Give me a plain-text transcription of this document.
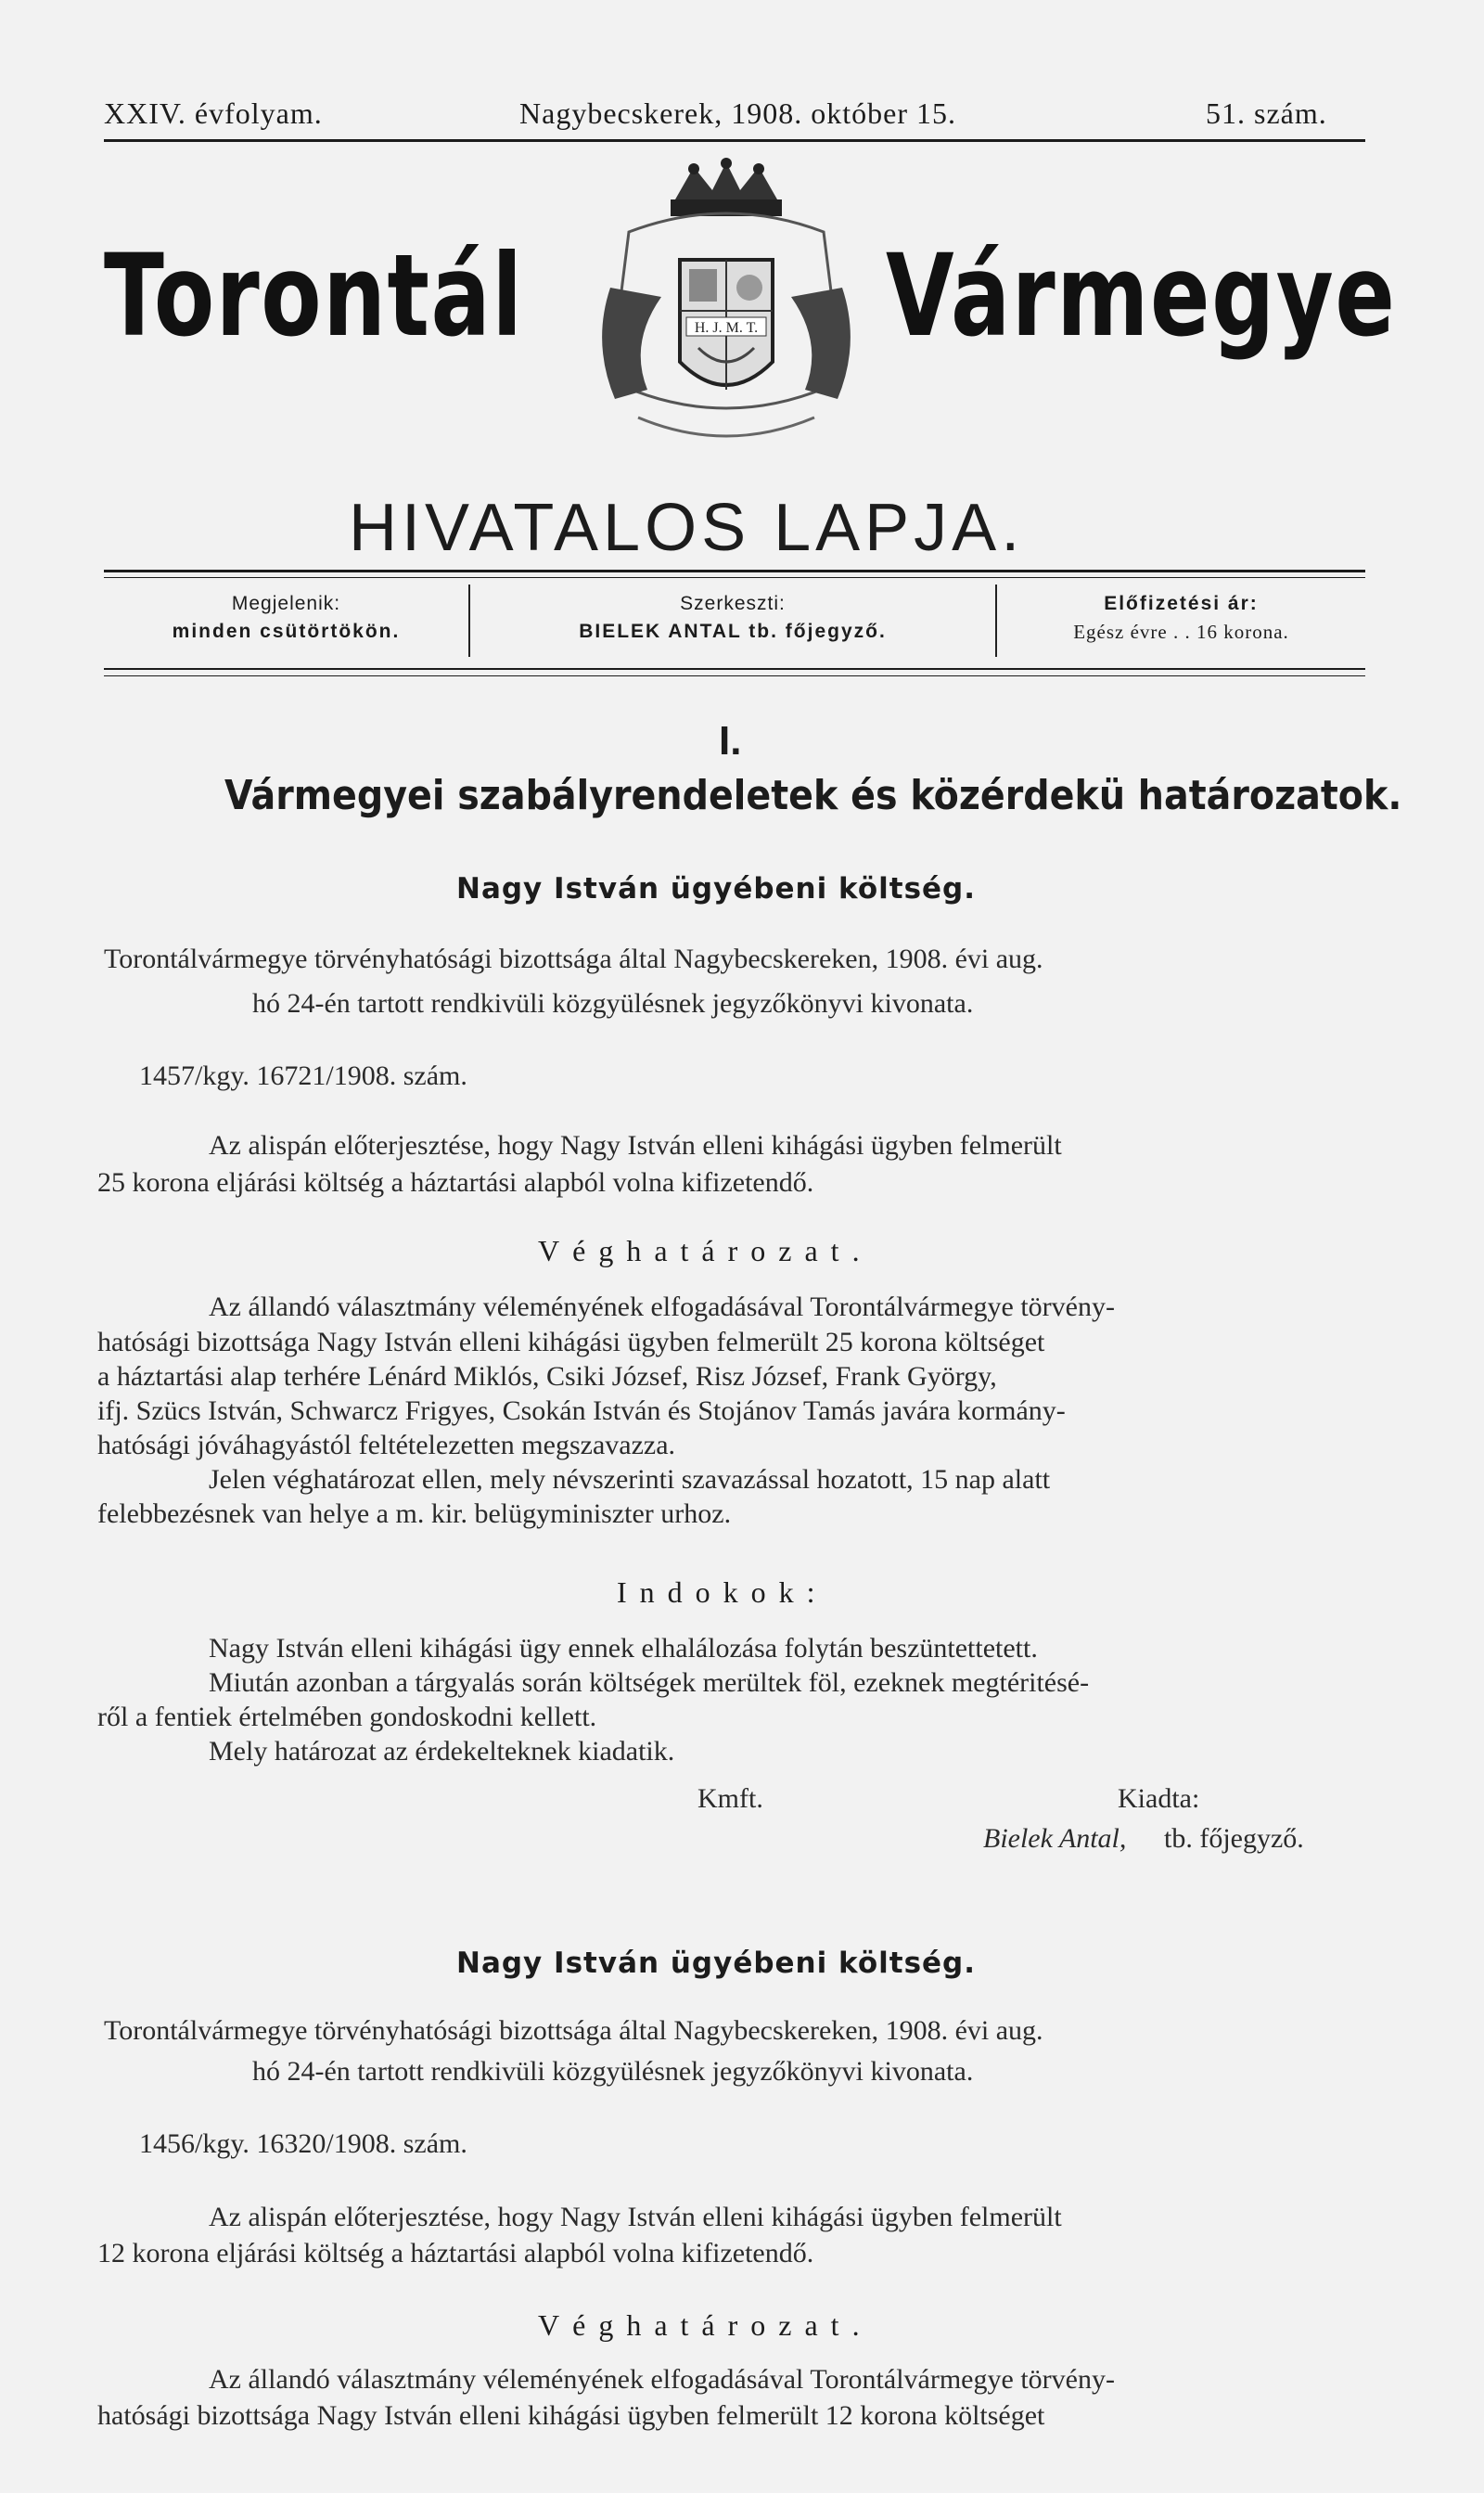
XXIV. évfolyam.	Nagybecskerek, 1908. október 15.	51. szám.
Torontál	Vármegye
H. J. M. T.
HIVATALOS LAPJA.
Megjelenik:
minden csütörtökön.
Szerkeszti:
BIELEK ANTAL tb. főjegyző.
Előfizetési ár:
Egész évre . . 16 korona.
I.
Vármegyei szabályrendeletek és közérdekü határozatok.
Nagy István ügyébeni költség.
Torontálvármegye törvényhatósági bizottsága által Nagybecskereken, 1908. évi aug.
hó 24-én tartott rendkivüli közgyülésnek jegyzőkönyvi kivonata.
1457/kgy. 16721/1908. szám.
Az alispán előterjesztése, hogy Nagy István elleni kihágási ügyben felmerült
25 korona eljárási költség a háztartási alapból volna kifizetendő.
Véghatározat.
Az állandó választmány véleményének elfogadásával Torontálvármegye törvény-
hatósági bizottsága Nagy István elleni kihágási ügyben felmerült 25 korona költséget
a háztartási alap terhére Lénárd Miklós, Csiki József, Risz József, Frank György,
ifj. Szücs István, Schwarcz Frigyes, Csokán István és Stojánov Tamás javára kormány-
hatósági jóváhagyástól feltételezetten megszavazza.
Jelen véghatározat ellen, mely névszerinti szavazással hozatott, 15 nap alatt
felebbezésnek van helye a m. kir. belügyminiszter urhoz.
Indokok:
Nagy István elleni kihágási ügy ennek elhalálozása folytán beszüntettetett.
Miután azonban a tárgyalás során költségek merültek föl, ezeknek megtéritésé-
ről a fentiek értelmében gondoskodni kellett.
Mely határozat az érdekelteknek kiadatik.
Kmft.	Kiadta:
Bielek Antal, tb. főjegyző.
Nagy István ügyébeni költség.
Torontálvármegye törvényhatósági bizottsága által Nagybecskereken, 1908. évi aug.
hó 24-én tartott rendkivüli közgyülésnek jegyzőkönyvi kivonata.
1456/kgy. 16320/1908. szám.
Az alispán előterjesztése, hogy Nagy István elleni kihágási ügyben felmerült
12 korona eljárási költség a háztartási alapból volna kifizetendő.
Véghatározat.
Az állandó választmány véleményének elfogadásával Torontálvármegye törvény-
hatósági bizottsága Nagy István elleni kihágási ügyben felmerült 12 korona költséget
